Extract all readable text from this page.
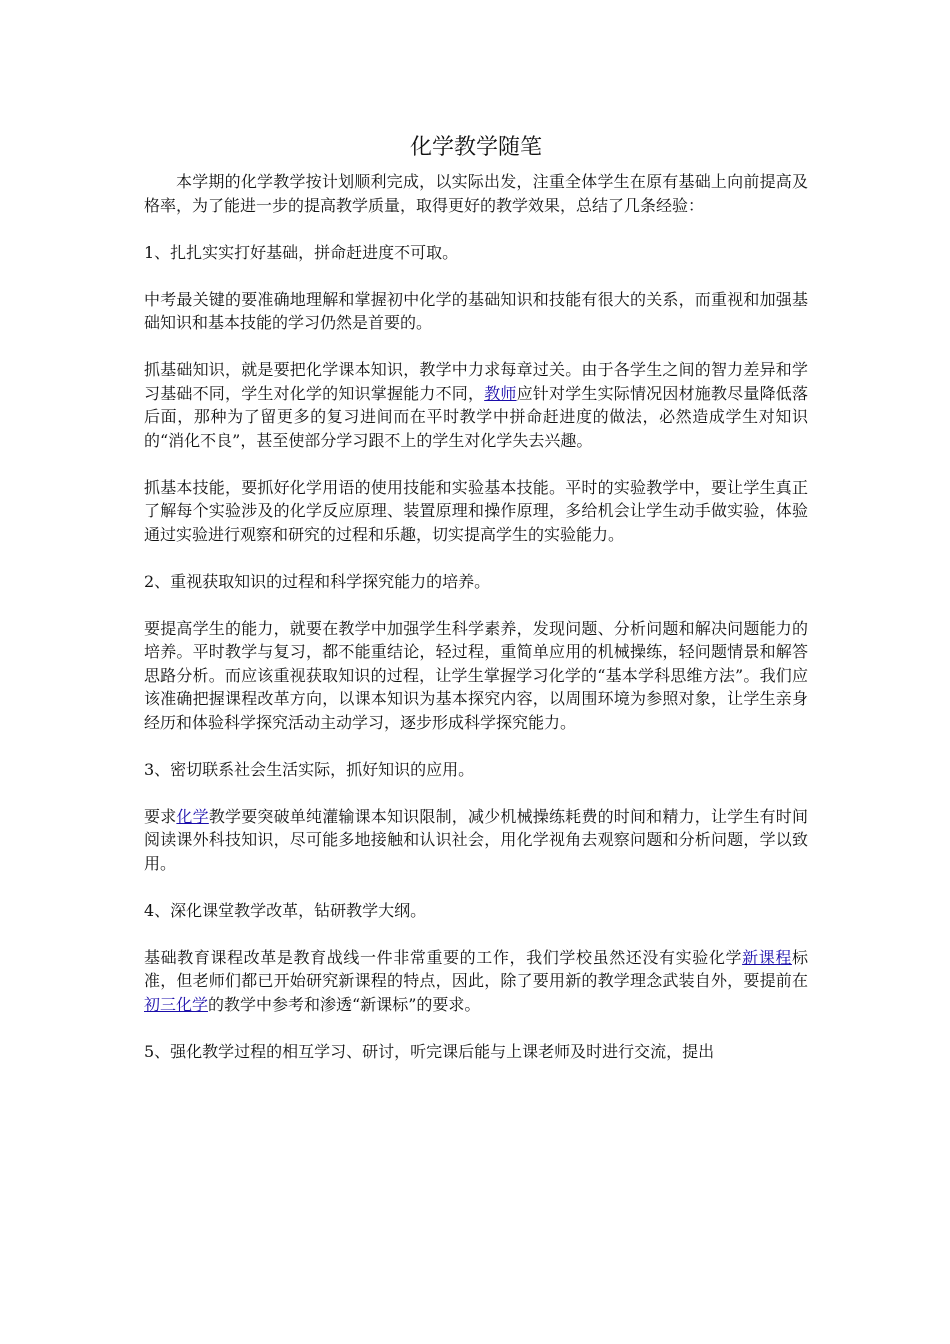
化学教学随笔

本学期的化学教学按计划顺利完成，以实际出发，注重全体学生在原有基础上向前提高及格率，为了能进一步的提高教学质量，取得更好的教学效果，总结了几条经验：

1、扎扎实实打好基础，拼命赶进度不可取。

中考最关键的要准确地理解和掌握初中化学的基础知识和技能有很大的关系，而重视和加强基础知识和基本技能的学习仍然是首要的。

抓基础知识，就是要把化学课本知识，教学中力求每章过关。由于各学生之间的智力差异和学习基础不同，学生对化学的知识掌握能力不同，教师应针对学生实际情况因材施教尽量降低落后面，那种为了留更多的复习进间而在平时教学中拼命赶进度的做法，必然造成学生对知识的“消化不良”，甚至使部分学习跟不上的学生对化学失去兴趣。

抓基本技能，要抓好化学用语的使用技能和实验基本技能。平时的实验教学中，要让学生真正了解每个实验涉及的化学反应原理、装置原理和操作原理，多给机会让学生动手做实验，体验通过实验进行观察和研究的过程和乐趣，切实提高学生的实验能力。

2、重视获取知识的过程和科学探究能力的培养。

要提高学生的能力，就要在教学中加强学生科学素养，发现问题、分析问题和解决问题能力的培养。平时教学与复习，都不能重结论，轻过程，重简单应用的机械操练，轻问题情景和解答思路分析。而应该重视获取知识的过程，让学生掌握学习化学的“基本学科思维方法”。我们应该准确把握课程改革方向，以课本知识为基本探究内容，以周围环境为参照对象，让学生亲身经历和体验科学探究活动主动学习，逐步形成科学探究能力。

3、密切联系社会生活实际，抓好知识的应用。

要求化学教学要突破单纯灌输课本知识限制，减少机械操练耗费的时间和精力，让学生有时间阅读课外科技知识，尽可能多地接触和认识社会，用化学视角去观察问题和分析问题，学以致用。

4、深化课堂教学改革，钻研教学大纲。

基础教育课程改革是教育战线一件非常重要的工作，我们学校虽然还没有实验化学新课程标准，但老师们都已开始研究新课程的特点，因此，除了要用新的教学理念武装自外，要提前在初三化学的教学中参考和渗透“新课标”的要求。

5、强化教学过程的相互学习、研讨，听完课后能与上课老师及时进行交流，提出
